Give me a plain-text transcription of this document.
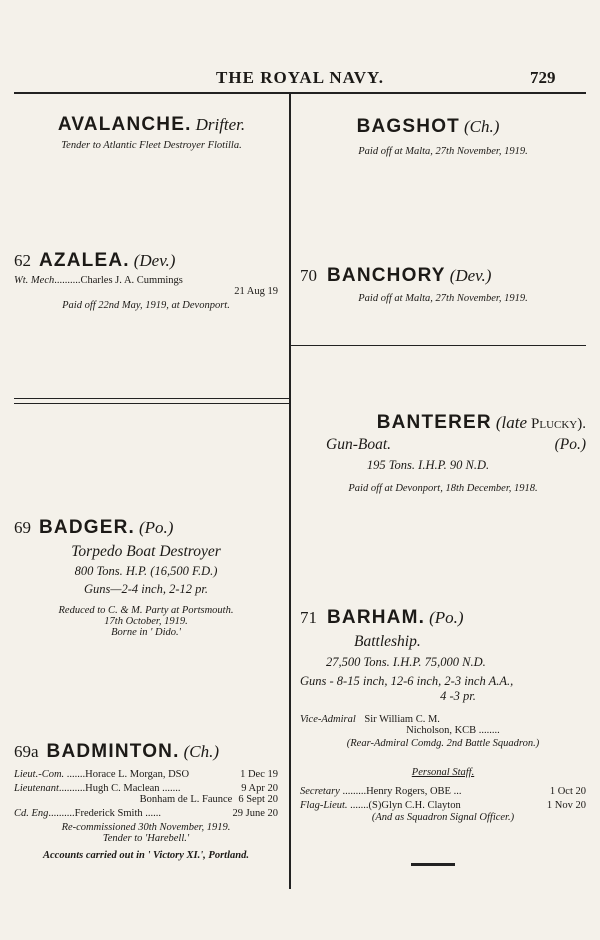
THE ROYAL NAVY.	729
AVALANCHE. Drifter.
Tender to Atlantic Fleet Destroyer Flotilla.
62 AZALEA. (Dev.)
Wt. Mech..........Charles J. A. Cummings
21 Aug 19
Paid off 22nd May, 1919, at Devonport.
69 BADGER. (Po.)
Torpedo Boat Destroyer
800 Tons. H.P. (16,500 F.D.)
Guns—2-4 inch, 2-12 pr.
Reduced to C. & M. Party at Portsmouth.
17th October, 1919.
Borne in ' Dido.'
69a BADMINTON. (Ch.)
Lieut.-Com. .......Horace L. Morgan, DSO	1 Dec 19
Lieutenant..........Hugh C. Maclean .......	9 Apr 20
Bonham de L. Faunce 6 Sept 20
Cd. Eng..........Frederick Smith ......	29 June 20
Re-commissioned 30th November, 1919.
Tender to 'Harebell.'
Accounts carried out in ' Victory XI.', Portland.
BAGSHOT (Ch.)
Paid off at Malta, 27th November, 1919.
70 BANCHORY (Dev.)
Paid off at Malta, 27th November, 1919.
BANTERER (late Plucky).
Gun-Boat.	(Po.)
195 Tons. I.H.P. 90 N.D.
Paid off at Devonport, 18th December, 1918.
71 BARHAM. (Po.)
Battleship.
27,500 Tons. I.H.P. 75,000 N.D.
Guns - 8-15 inch, 12-6 inch, 2-3 inch A.A.,
4 -3 pr.
Vice-Admiral Sir William C. M.
Nicholson, KCB ........
(Rear-Admiral Comdg. 2nd Battle Squadron.)
Personal Staff.
Secretary .........Henry Rogers, OBE ...	1 Oct 20
Flag-Lieut. .......(S)Glyn C.H. Clayton	1 Nov 20
(And as Squadron Signal Officer.)
